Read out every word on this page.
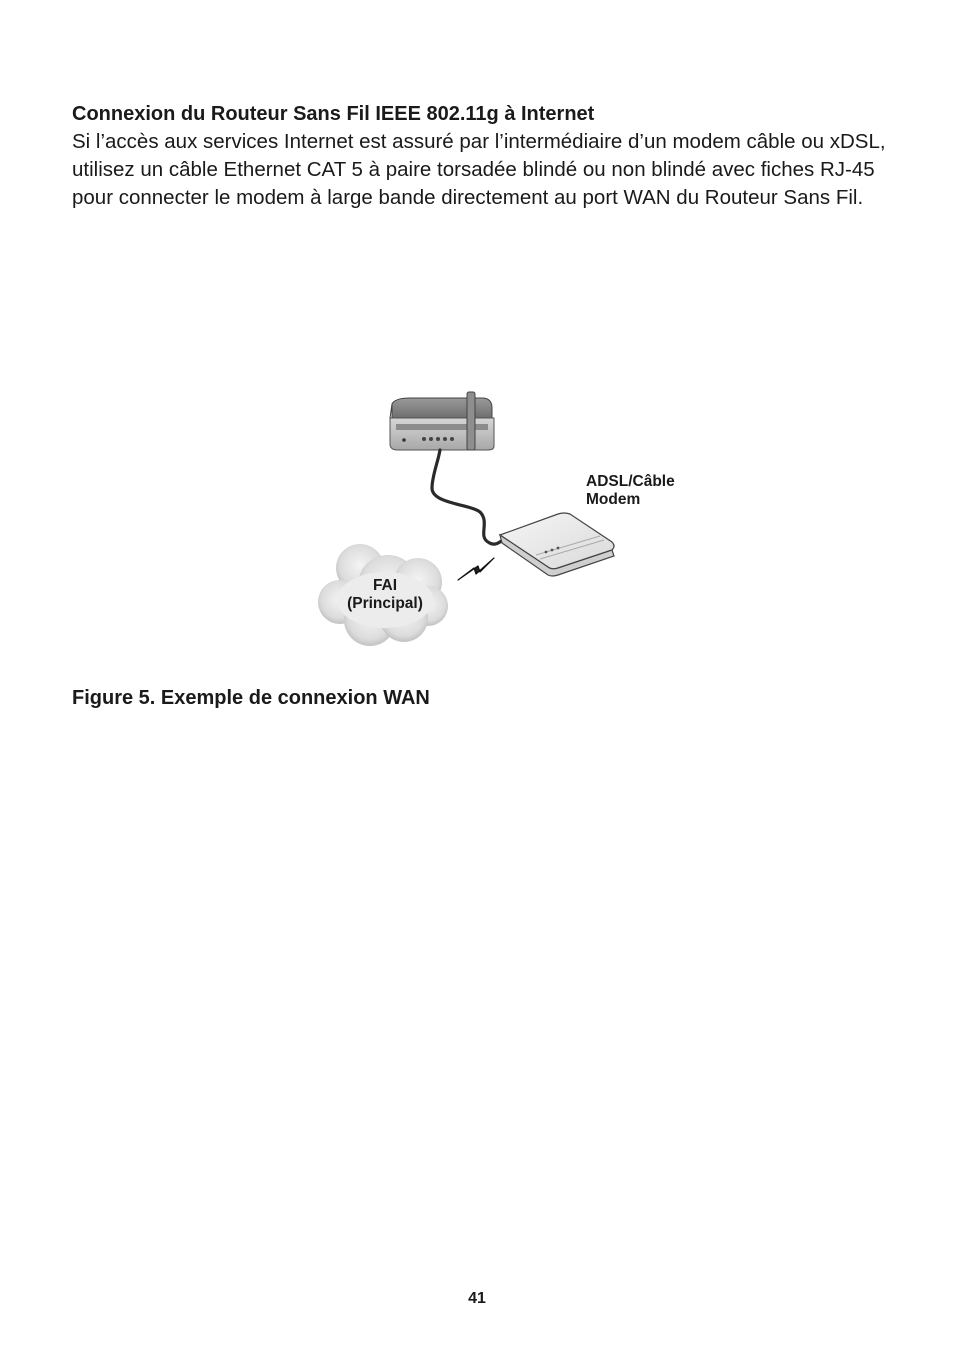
Connexion du Routeur Sans Fil IEEE 802.11g à Internet

Si l’accès aux services Internet est assuré par l’intermédiaire d’un modem câble ou xDSL, utilisez un câble Ethernet CAT 5 à paire torsadée blindé ou non blindé avec fiches RJ-45 pour connecter le modem à large bande directement au port WAN du Routeur Sans Fil.

ADSL/Câble
Modem
FAI
(Principal)

Figure 5. Exemple de connexion WAN

41
